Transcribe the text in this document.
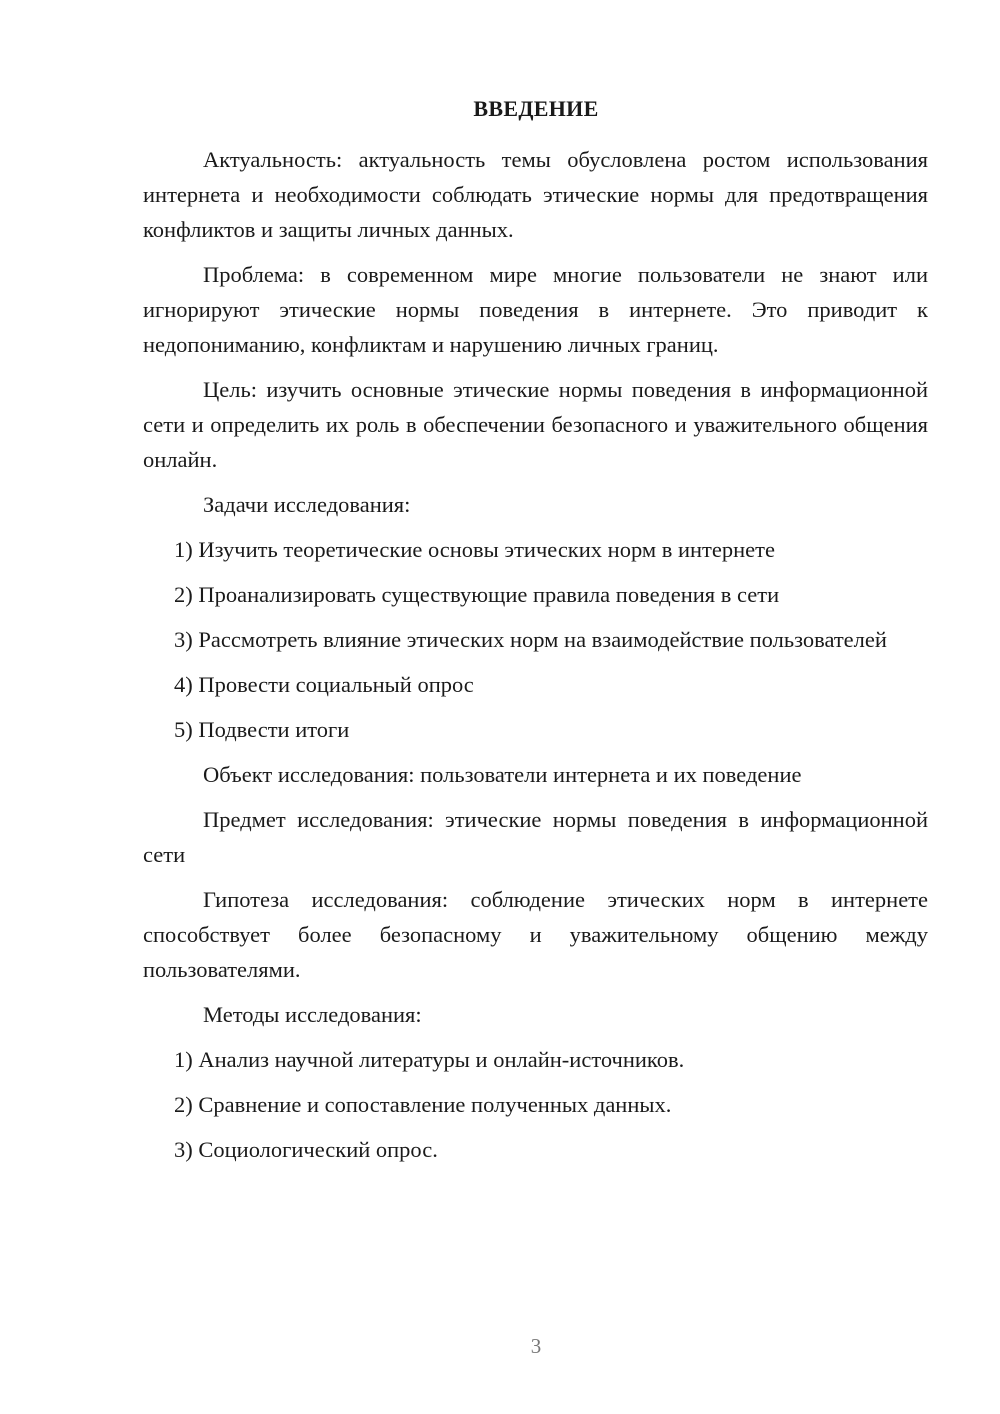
ВВЕДЕНИЕ

Актуальность: актуальность темы обусловлена ростом использования интернета и необходимости соблюдать этические нормы для предотвращения конфликтов и защиты личных данных.

Проблема: в современном мире многие пользователи не знают или игнорируют этические нормы поведения в интернете. Это приводит к недопониманию, конфликтам и нарушению личных границ.

Цель: изучить основные этические нормы поведения в информационной сети и определить их роль в обеспечении безопасного и уважительного общения онлайн.

Задачи исследования:

1) Изучить теоретические основы этических норм в интернете

2) Проанализировать существующие правила поведения в сети

3) Рассмотреть влияние этических норм на взаимодействие пользователей

4) Провести социальный опрос

5) Подвести итоги

Объект исследования: пользователи интернета и их поведение

Предмет исследования: этические нормы поведения в информационной сети

Гипотеза исследования: соблюдение этических норм в интернете способствует более безопасному и уважительному общению между пользователями.

Методы исследования:

1) Анализ научной литературы и онлайн-источников.

2) Сравнение и сопоставление полученных данных.

3) Социологический опрос.

3
